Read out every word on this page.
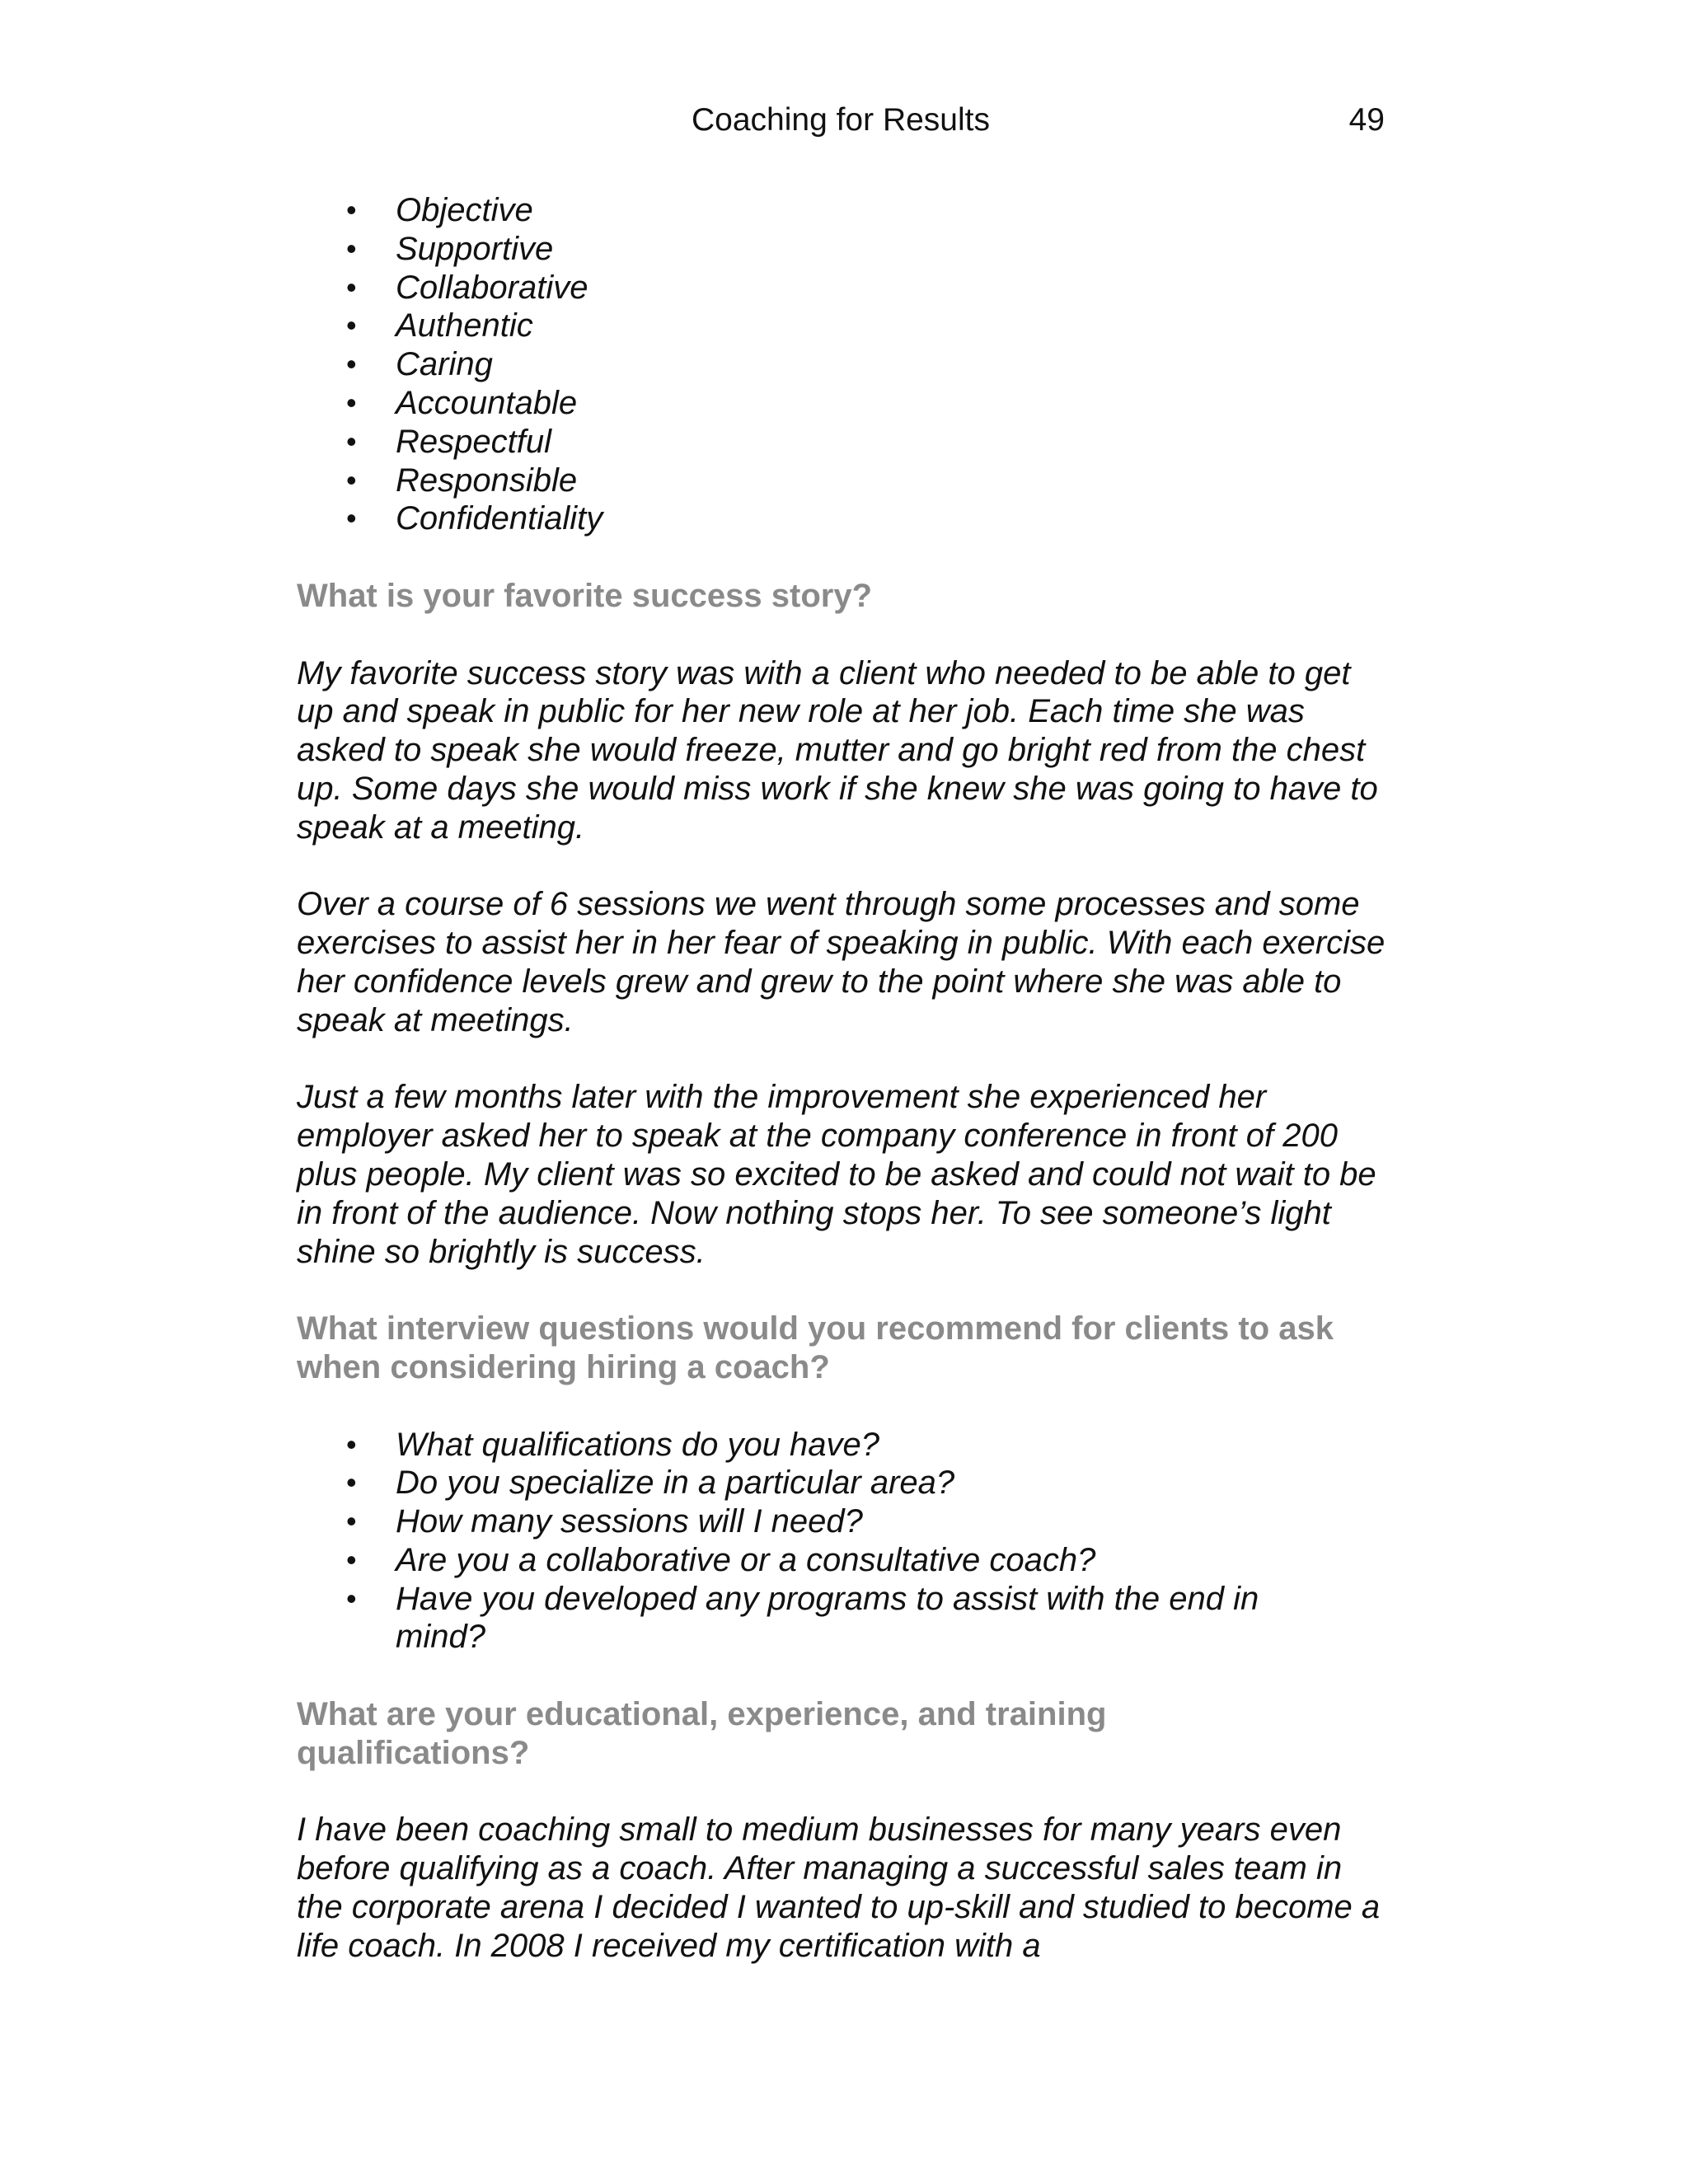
Coaching for Results	49
• Objective
• Supportive
• Collaborative
• Authentic
• Caring
• Accountable
• Respectful
• Responsible
• Confidentiality

What is your favorite success story?

My favorite success story was with a client who needed to be able to get up and speak in public for her new role at her job. Each time she was asked to speak she would freeze, mutter and go bright red from the chest up. Some days she would miss work if she knew she was going to have to speak at a meeting.

Over a course of 6 sessions we went through some processes and some exercises to assist her in her fear of speaking in public. With each exercise her confidence levels grew and grew to the point where she was able to speak at meetings.

Just a few months later with the improvement she experienced her employer asked her to speak at the company conference in front of 200 plus people. My client was so excited to be asked and could not wait to be in front of the audience. Now nothing stops her. To see someone’s light shine so brightly is success.

What interview questions would you recommend for clients to ask when considering hiring a coach?

• What qualifications do you have?
• Do you specialize in a particular area?
• How many sessions will I need?
• Are you a collaborative or a consultative coach?
• Have you developed any programs to assist with the end in mind?

What are your educational, experience, and training qualifications?

I have been coaching small to medium businesses for many years even before qualifying as a coach. After managing a successful sales team in the corporate arena I decided I wanted to up-skill and studied to become a life coach. In 2008 I received my certification with a
